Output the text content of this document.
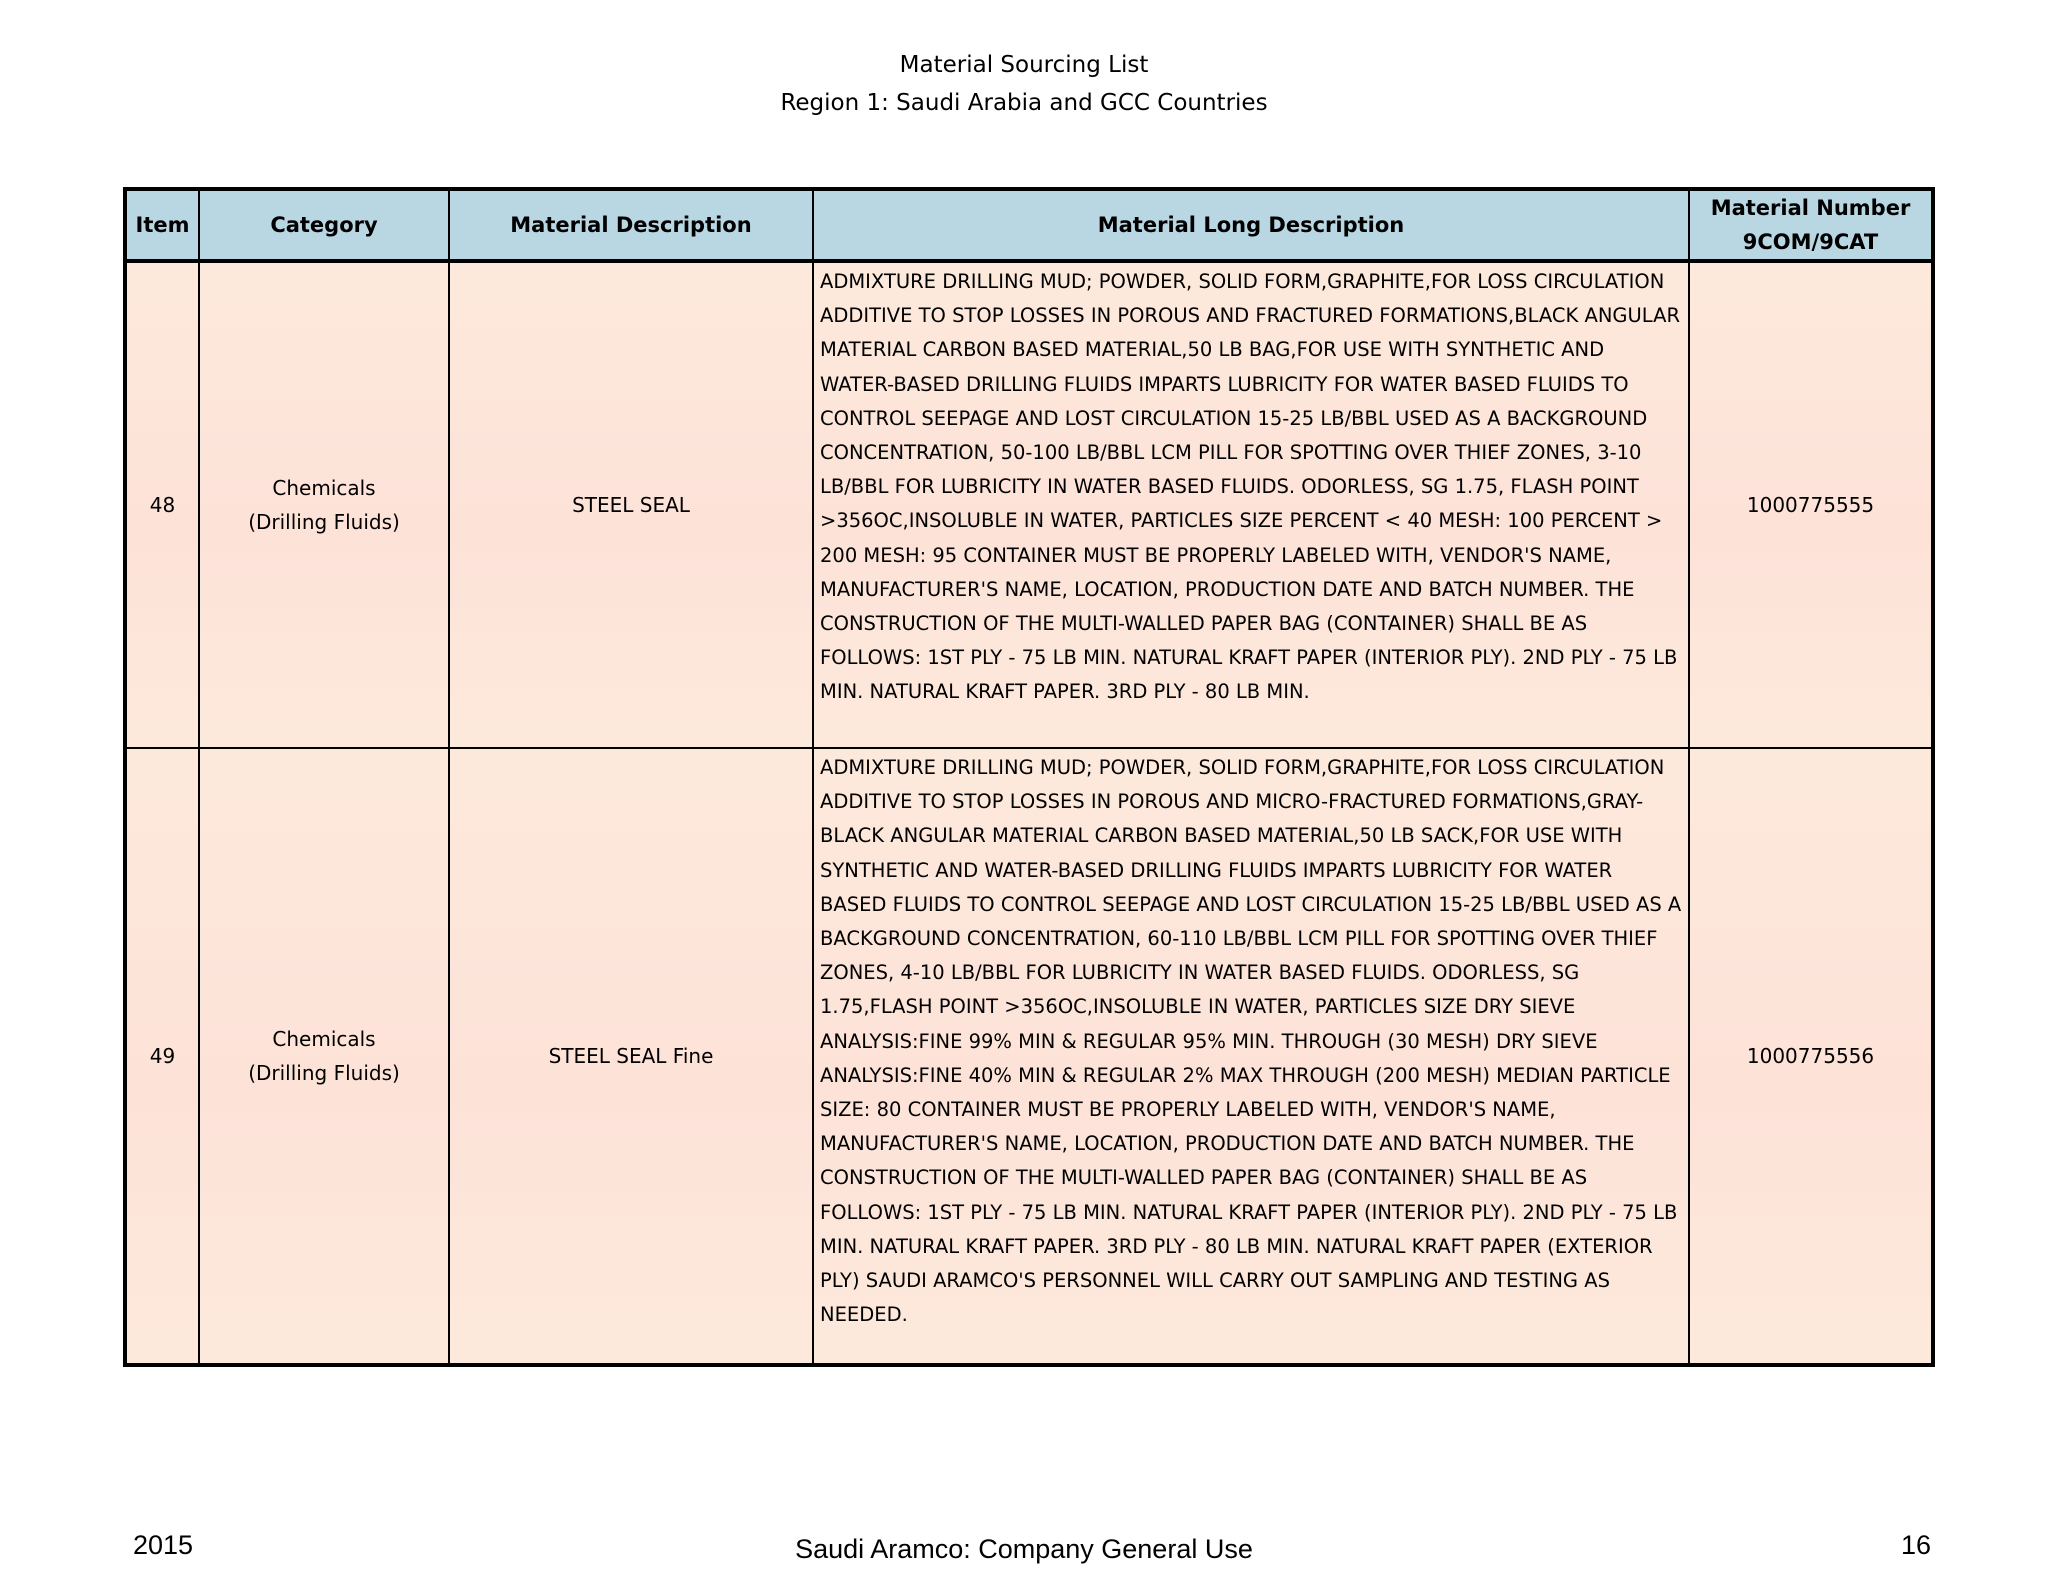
Material Sourcing List
Region 1: Saudi Arabia and GCC Countries
Item	Category	Material Description	Material Long Description	Material Number 9COM/9CAT
48	Chemicals (Drilling Fluids)	STEEL SEAL	ADMIXTURE DRILLING MUD; POWDER, SOLID FORM,GRAPHITE,FOR LOSS CIRCULATION ADDITIVE TO STOP LOSSES IN POROUS AND FRACTURED FORMATIONS,BLACK ANGULAR MATERIAL CARBON BASED MATERIAL,50 LB BAG,FOR USE WITH SYNTHETIC AND WATER-BASED DRILLING FLUIDS IMPARTS LUBRICITY FOR WATER BASED FLUIDS TO CONTROL SEEPAGE AND LOST CIRCULATION 15-25 LB/BBL USED AS A BACKGROUND CONCENTRATION, 50-100 LB/BBL LCM PILL FOR SPOTTING OVER THIEF ZONES, 3-10 LB/BBL FOR LUBRICITY IN WATER BASED FLUIDS. ODORLESS, SG 1.75, FLASH POINT >356OC,INSOLUBLE IN WATER, PARTICLES SIZE PERCENT < 40 MESH: 100 PERCENT > 200 MESH: 95 CONTAINER MUST BE PROPERLY LABELED WITH, VENDOR'S NAME, MANUFACTURER'S NAME, LOCATION, PRODUCTION DATE AND BATCH NUMBER. THE CONSTRUCTION OF THE MULTI-WALLED PAPER BAG (CONTAINER) SHALL BE AS FOLLOWS: 1ST PLY - 75 LB MIN. NATURAL KRAFT PAPER (INTERIOR PLY). 2ND PLY - 75 LB MIN. NATURAL KRAFT PAPER. 3RD PLY - 80 LB MIN.	1000775555
49	Chemicals (Drilling Fluids)	STEEL SEAL Fine	ADMIXTURE DRILLING MUD; POWDER, SOLID FORM,GRAPHITE,FOR LOSS CIRCULATION ADDITIVE TO STOP LOSSES IN POROUS AND MICRO-FRACTURED FORMATIONS,GRAY-BLACK ANGULAR MATERIAL CARBON BASED MATERIAL,50 LB SACK,FOR USE WITH SYNTHETIC AND WATER-BASED DRILLING FLUIDS IMPARTS LUBRICITY FOR WATER BASED FLUIDS TO CONTROL SEEPAGE AND LOST CIRCULATION 15-25 LB/BBL USED AS A BACKGROUND CONCENTRATION, 60-110 LB/BBL LCM PILL FOR SPOTTING OVER THIEF ZONES, 4-10 LB/BBL FOR LUBRICITY IN WATER BASED FLUIDS. ODORLESS, SG 1.75,FLASH POINT >356OC,INSOLUBLE IN WATER, PARTICLES SIZE DRY SIEVE ANALYSIS:FINE 99% MIN & REGULAR 95% MIN. THROUGH (30 MESH) DRY SIEVE ANALYSIS:FINE 40% MIN & REGULAR 2% MAX THROUGH (200 MESH) MEDIAN PARTICLE SIZE: 80 CONTAINER MUST BE PROPERLY LABELED WITH, VENDOR'S NAME, MANUFACTURER'S NAME, LOCATION, PRODUCTION DATE AND BATCH NUMBER. THE CONSTRUCTION OF THE MULTI-WALLED PAPER BAG (CONTAINER) SHALL BE AS FOLLOWS: 1ST PLY - 75 LB MIN. NATURAL KRAFT PAPER (INTERIOR PLY). 2ND PLY - 75 LB MIN. NATURAL KRAFT PAPER. 3RD PLY - 80 LB MIN. NATURAL KRAFT PAPER (EXTERIOR PLY) SAUDI ARAMCO'S PERSONNEL WILL CARRY OUT SAMPLING AND TESTING AS NEEDED.	1000775556
2015	Saudi Aramco: Company General Use	16
